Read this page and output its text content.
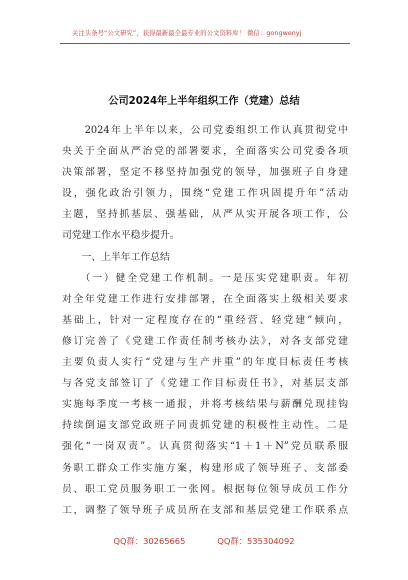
关注头条号“公文研究”，获得最新最全最专业的公文资料库！ 微信：gongwenyj
公司2024年上半年组织工作（党建）总结
　　2024年上半年以来，公司党委组织工作认真贯彻党中
央关于全面从严治党的部署要求，全面落实公司党委各项
决策部署，坚定不移坚持加强党的领导，加强班子自身建
设，强化政治引领力，围绕“党建工作巩固提升年”活动
主题，坚持抓基层、强基础，从严从实开展各项工作，公
司党建工作水平稳步提升。
　　一、上半年工作总结
　　（一）健全党建工作机制。一是压实党建职责。年初
对全年党建工作进行安排部署，在全面落实上级相关要求
基础上，针对一定程度存在的“重经营、轻党建”倾向，
修订完善了《党建工作责任制考核办法》，对各支部党建
主要负责人实行“党建与生产并重”的年度目标责任考核
与各党支部签订了《党建工作目标责任书》，对基层支部
实施每季度一考核一通报，并将考核结果与薪酬兑现挂钩
持续倒逼支部党政班子同责抓党建的积极性主动性。二是
强化“一岗双责”。认真贯彻落实“1＋1＋N”党员联系服
务职工群众工作实施方案，构建形成了领导班子、支部委
员、职工党员服务职工一张网。根据每位领导成员工作分
工，调整了领导班子成员所在支部和基层党建工作联系点
QQ群：30265665	QQ群：535304092
